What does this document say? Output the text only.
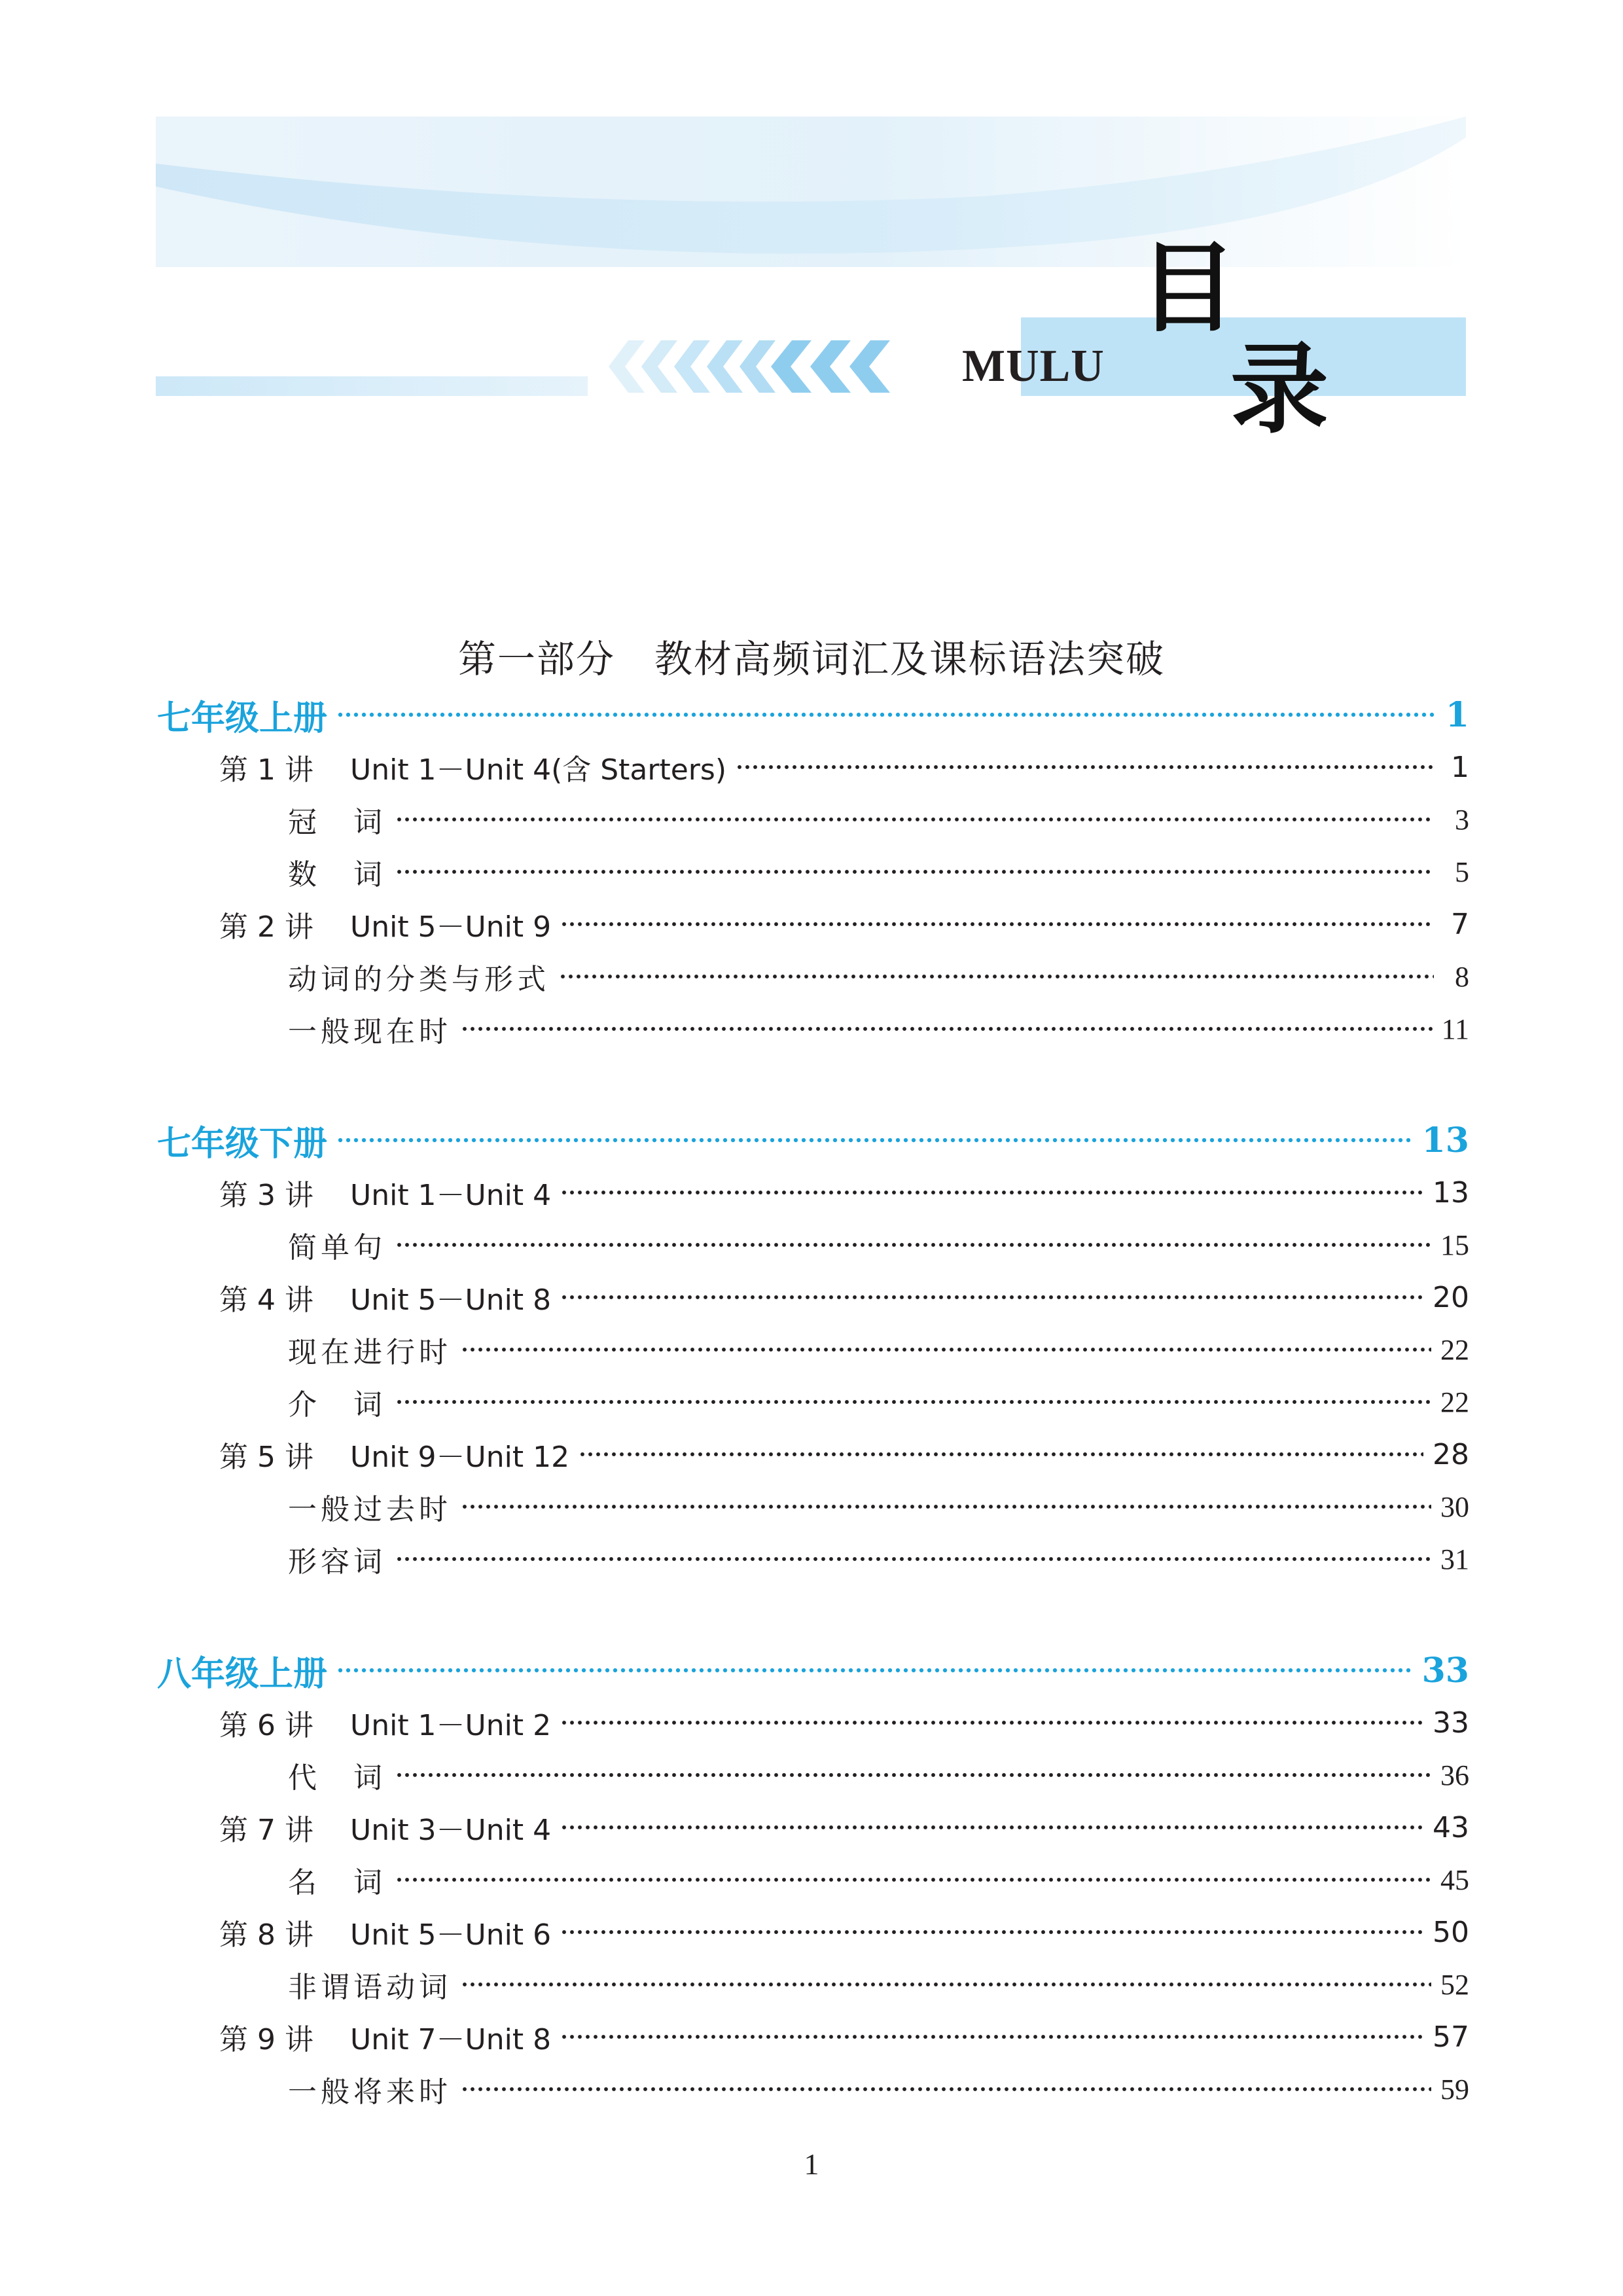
MULU
目
录
第一部分　教材高频词汇及课标语法突破
七年级上册	1
第 1 讲	Unit 1－Unit 4(含 Starters)	1
冠　词	3
数　词	5
第 2 讲	Unit 5－Unit 9	7
动词的分类与形式	8
一般现在时	11
七年级下册	13
第 3 讲	Unit 1－Unit 4	13
简单句	15
第 4 讲	Unit 5－Unit 8	20
现在进行时	22
介　词	22
第 5 讲	Unit 9－Unit 12	28
一般过去时	30
形容词	31
八年级上册	33
第 6 讲	Unit 1－Unit 2	33
代　词	36
第 7 讲	Unit 3－Unit 4	43
名　词	45
第 8 讲	Unit 5－Unit 6	50
非谓语动词	52
第 9 讲	Unit 7－Unit 8	57
一般将来时	59
1
